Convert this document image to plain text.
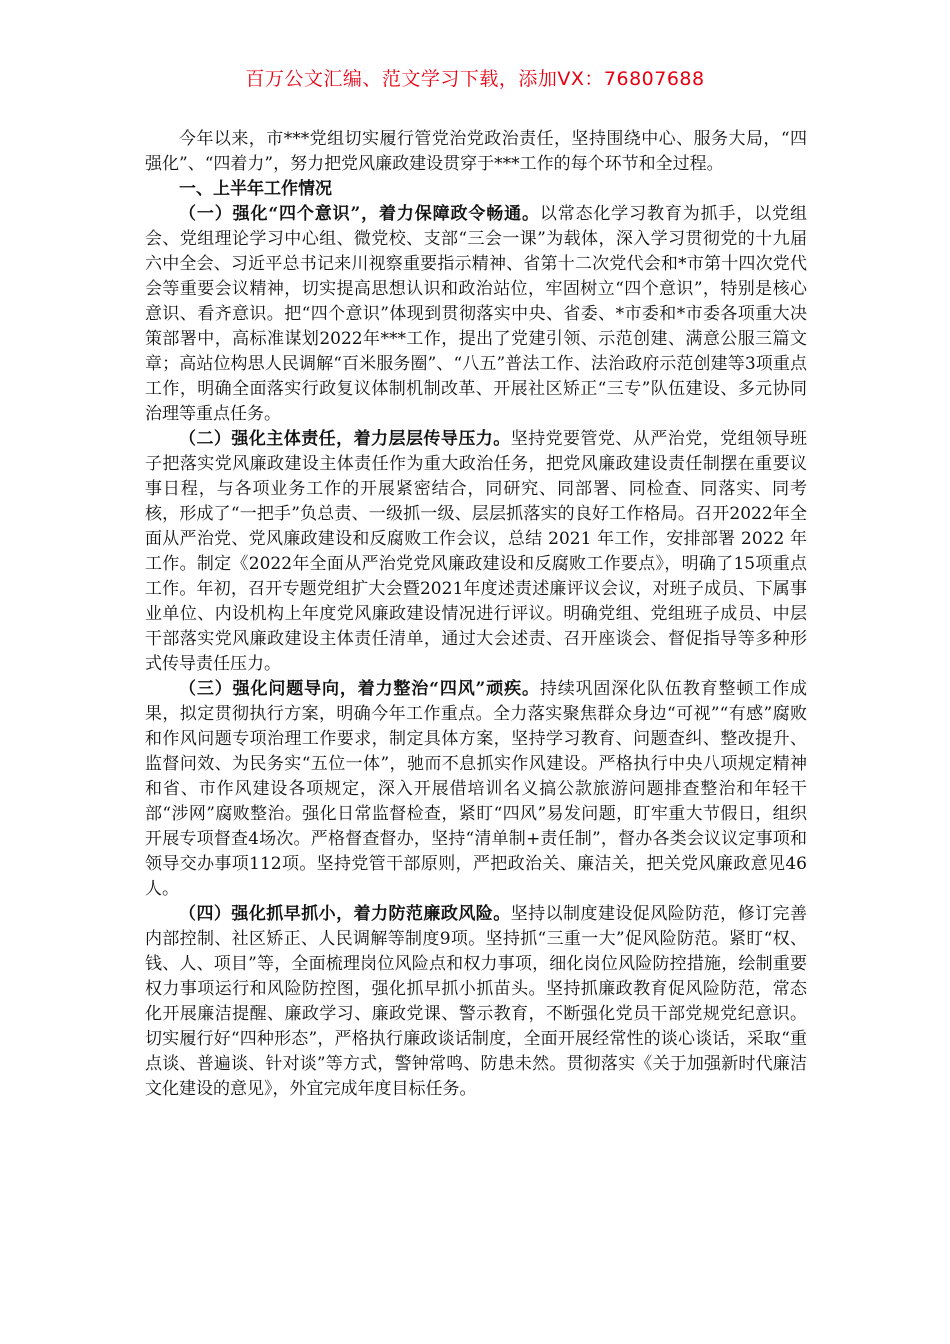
百万公文汇编、范文学习下载，添加VX：76807688

今年以来，市***党组切实履行管党治党政治责任，坚持围绕中心、服务大局，“四强化”、“四着力”，努力把党风廉政建设贯穿于***工作的每个环节和全过程。

一、上半年工作情况

（一）强化“四个意识”，着力保障政令畅通。以常态化学习教育为抓手，以党组会、党组理论学习中心组、微党校、支部“三会一课”为载体，深入学习贯彻党的十九届六中全会、习近平总书记来川视察重要指示精神、省第十二次党代会和*市第十四次党代会等重要会议精神，切实提高思想认识和政治站位，牢固树立“四个意识”，特别是核心意识、看齐意识。把“四个意识”体现到贯彻落实中央、省委、*市委和*市委各项重大决策部署中，高标准谋划2022年***工作，提出了党建引领、示范创建、满意公服三篇文章；高站位构思人民调解“百米服务圈”、“八五”普法工作、法治政府示范创建等3项重点工作，明确全面落实行政复议体制机制改革、开展社区矫正“三专”队伍建设、多元协同治理等重点任务。

（二）强化主体责任，着力层层传导压力。坚持党要管党、从严治党，党组领导班子把落实党风廉政建设主体责任作为重大政治任务，把党风廉政建设责任制摆在重要议事日程，与各项业务工作的开展紧密结合，同研究、同部署、同检查、同落实、同考核，形成了“一把手”负总责、一级抓一级、层层抓落实的良好工作格局。召开2022年全面从严治党、党风廉政建设和反腐败工作会议，总结 2021 年工作，安排部署 2022 年工作。制定《2022年全面从严治党党风廉政建设和反腐败工作要点》，明确了15项重点工作。年初，召开专题党组扩大会暨2021年度述责述廉评议会议，对班子成员、下属事业单位、内设机构上年度党风廉政建设情况进行评议。明确党组、党组班子成员、中层干部落实党风廉政建设主体责任清单，通过大会述责、召开座谈会、督促指导等多种形式传导责任压力。

（三）强化问题导向，着力整治“四风”顽疾。持续巩固深化队伍教育整顿工作成果，拟定贯彻执行方案，明确今年工作重点。全力落实聚焦群众身边“可视”“有感”腐败和作风问题专项治理工作要求，制定具体方案，坚持学习教育、问题查纠、整改提升、监督问效、为民务实“五位一体”，驰而不息抓实作风建设。严格执行中央八项规定精神和省、市作风建设各项规定，深入开展借培训名义搞公款旅游问题排查整治和年轻干部“涉网”腐败整治。强化日常监督检查，紧盯“四风”易发问题，盯牢重大节假日，组织开展专项督查4场次。严格督查督办，坚持“清单制+责任制”，督办各类会议议定事项和领导交办事项112项。坚持党管干部原则，严把政治关、廉洁关，把关党风廉政意见46人。

（四）强化抓早抓小，着力防范廉政风险。坚持以制度建设促风险防范，修订完善内部控制、社区矫正、人民调解等制度9项。坚持抓“三重一大”促风险防范。紧盯“权、钱、人、项目”等，全面梳理岗位风险点和权力事项，细化岗位风险防控措施，绘制重要权力事项运行和风险防控图，强化抓早抓小抓苗头。坚持抓廉政教育促风险防范，常态化开展廉洁提醒、廉政学习、廉政党课、警示教育，不断强化党员干部党规党纪意识。切实履行好“四种形态”，严格执行廉政谈话制度，全面开展经常性的谈心谈话，采取“重点谈、普遍谈、针对谈”等方式，警钟常鸣、防患未然。贯彻落实《关于加强新时代廉洁文化建设的意见》，外宜完成年度目标任务。
